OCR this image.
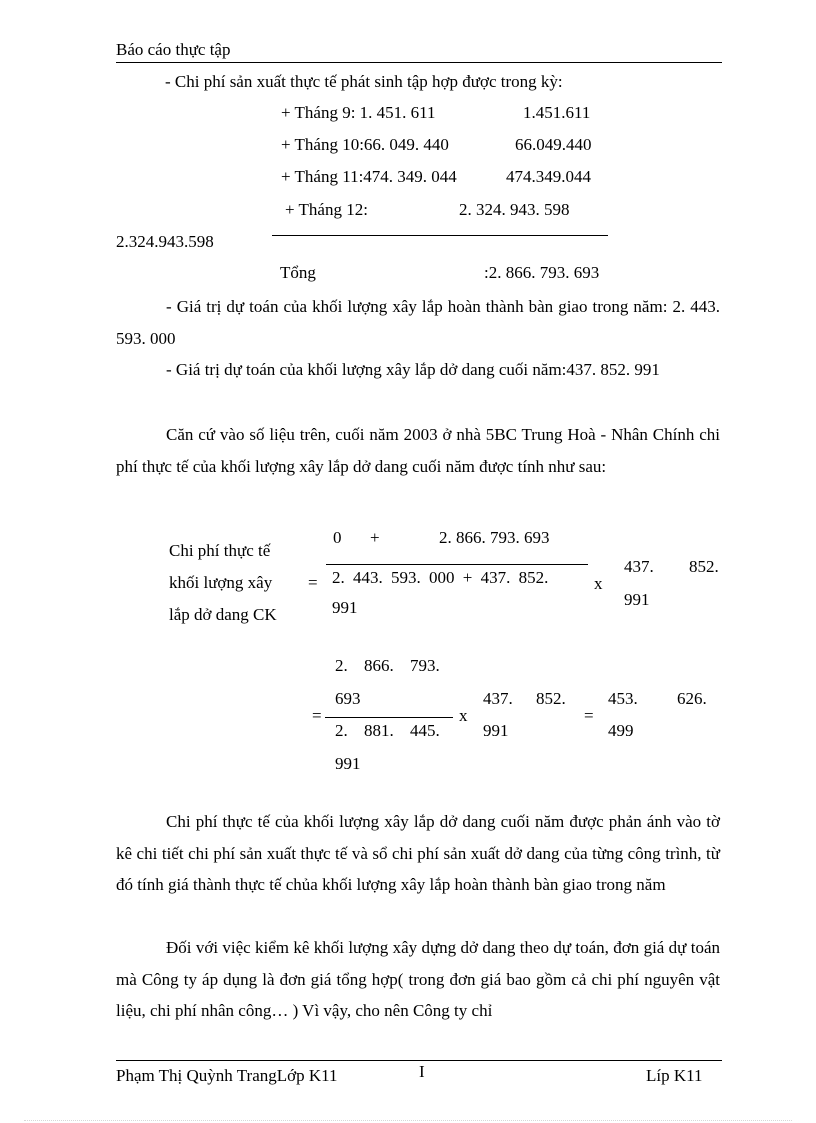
Báo cáo thực tập
- Chi phí sản xuất thực tế phát sinh tập hợp được trong kỳ:
+ Tháng 9: 1. 451. 611	1.451.611
+ Tháng 10:66. 049. 440	66.049.440
+ Tháng 11:474. 349. 044	474.349.044
+ Tháng 12:	2. 324. 943. 598
2.324.943.598
Tổng	:2. 866. 793. 693
- Giá trị dự toán của khối lượng xây lắp hoàn thành bàn giao trong năm: 2. 443. 593. 000
- Giá trị dự toán của khối lượng xây lắp dở dang cuối năm:437. 852. 991
Căn cứ vào số liệu trên, cuối năm 2003 ở nhà 5BC Trung Hoà - Nhân Chính chi phí thực tế của khối lượng xây lắp dở dang cuối năm được tính như sau:
Chi phí thực tế
khối lượng xây
lắp dở dang CK
=
0 +	2. 866. 793. 693
2. 443. 593. 000 + 437. 852.
991
x
437. 852.
991
2. 866. 793.
693
=
2. 881. 445.
991
x
437. 852.
991
=
453. 626.
499
Chi phí thực tế của khối lượng xây lắp dở dang cuối năm được phản ánh vào tờ kê chi tiết chi phí sản xuất thực tế và sổ chi phí sản xuất dở dang của từng công trình, từ đó tính giá thành thực tế chủa khối lượng xây lắp hoàn thành bàn giao trong năm
Đối với việc kiểm kê khối lượng xây dựng dở dang theo dự toán, đơn giá dự toán mà Công ty áp dụng là đơn giá tổng hợp( trong đơn giá bao gồm cả chi phí nguyên vật liệu, chi phí nhân công… ) Vì vậy, cho nên Công ty chỉ
Phạm Thị Quỳnh TrangLớp K11	I	Líp K11
